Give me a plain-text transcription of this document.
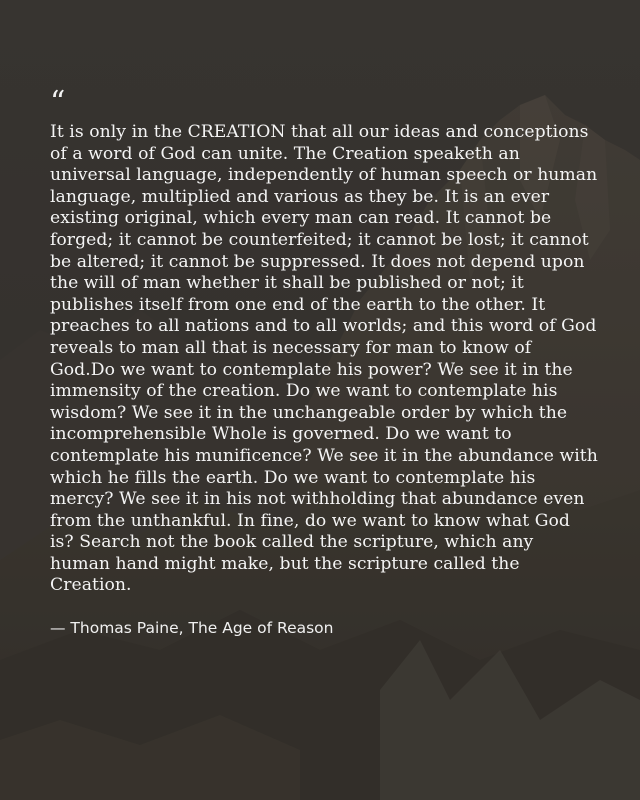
“

It is only in the CREATION that all our ideas and conceptions of a word of God can unite. The Creation speaketh an universal language, independently of human speech or human language, multiplied and various as they be. It is an ever existing original, which every man can read. It cannot be forged; it cannot be counterfeited; it cannot be lost; it cannot be altered; it cannot be suppressed. It does not depend upon the will of man whether it shall be published or not; it publishes itself from one end of the earth to the other. It preaches to all nations and to all worlds; and this word of God reveals to man all that is necessary for man to know of God.Do we want to contemplate his power? We see it in the immensity of the creation. Do we want to contemplate his wisdom? We see it in the unchangeable order by which the incomprehensible Whole is governed. Do we want to contemplate his munificence? We see it in the abundance with which he fills the earth. Do we want to contemplate his mercy? We see it in his not withholding that abundance even from the unthankful. In fine, do we want to know what God is? Search not the book called the scripture, which any human hand might make, but the scripture called the Creation.

— Thomas Paine, The Age of Reason
